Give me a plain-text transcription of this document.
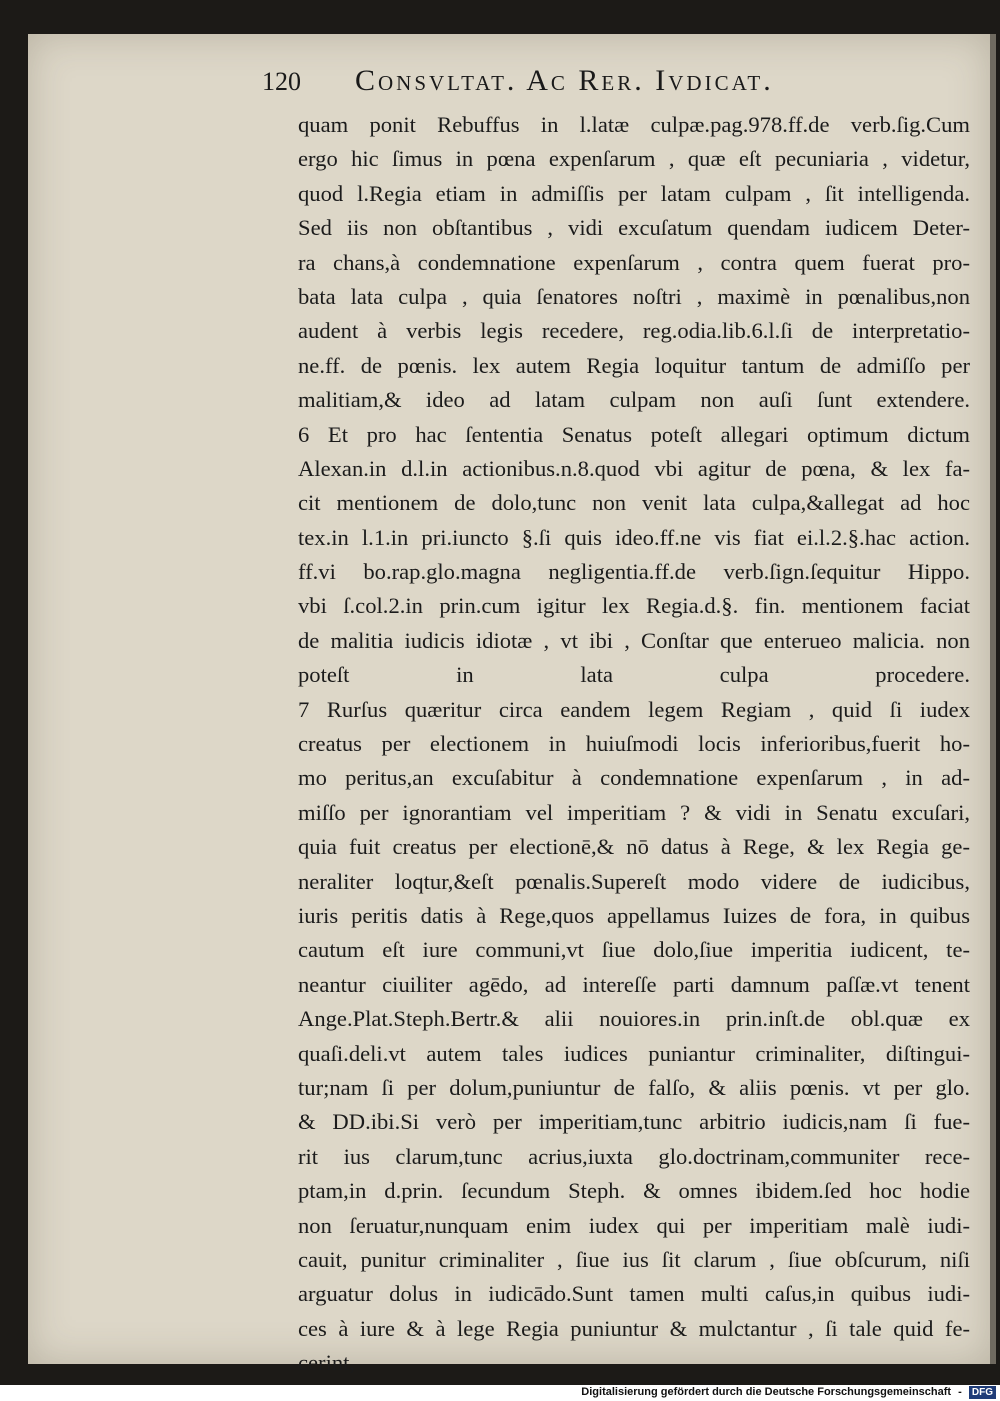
120 Consvltat. Ac Rer. Ivdicat.
quam ponit Rebuffus in l.latæ culpæ.pag.978.ff.de verb.ſig.Cum
ergo hic ſimus in pœna expenſarum , quæ eſt pecuniaria , videtur,
quod l.Regia etiam in admiſſis per latam culpam , ſit intelligenda.
Sed iis non obſtantibus , vidi excuſatum quendam iudicem Deter-
ra chans,à condemnatione expenſarum , contra quem fuerat pro-
bata lata culpa , quia ſenatores noſtri , maximè in pœnalibus,non
audent à verbis legis recedere, reg.odia.lib.6.l.ſi de interpretatio-
ne.ff. de pœnis. lex autem Regia loquitur tantum de admiſſo per
malitiam,& ideo ad latam culpam non auſi ſunt extendere.
6 Et pro hac ſententia Senatus poteſt allegari optimum dictum
Alexan.in d.l.in actionibus.n.8.quod vbi agitur de pœna, & lex fa-
cit mentionem de dolo,tunc non venit lata culpa,&allegat ad hoc
tex.in l.1.in pri.iuncto §.ſi quis ideo.ff.ne vis fiat ei.l.2.§.hac action.
ff.vi bo.rap.glo.magna negligentia.ff.de verb.ſign.ſequitur Hippo.
vbi ſ.col.2.in prin.cum igitur lex Regia.d.§. fin. mentionem faciat
de malitia iudicis idiotæ , vt ibi , Conſtar que enterueo malicia. non
poteſt in lata culpa procedere.
7 Rurſus quæritur circa eandem legem Regiam , quid ſi iudex
creatus per electionem in huiuſmodi locis inferioribus,fuerit ho-
mo peritus,an excuſabitur à condemnatione expenſarum , in ad-
miſſo per ignorantiam vel imperitiam ? & vidi in Senatu excuſari,
quia fuit creatus per electionē,& nō datus à Rege, & lex Regia ge-
neraliter loqtur,&eſt pœnalis.Supereſt modo videre de iudicibus,
iuris peritis datis à Rege,quos appellamus Iuizes de fora, in quibus
cautum eſt iure communi,vt ſiue dolo,ſiue imperitia iudicent, te-
neantur ciuiliter agēdo, ad intereſſe parti damnum paſſæ.vt tenent
Ange.Plat.Steph.Bertr.& alii nouiores.in prin.inſt.de obl.quæ ex
quaſi.deli.vt autem tales iudices puniantur criminaliter, diſtingui-
tur;nam ſi per dolum,puniuntur de falſo, & aliis pœnis. vt per glo.
& DD.ibi.Si verò per imperitiam,tunc arbitrio iudicis,nam ſi fue-
rit ius clarum,tunc acrius,iuxta glo.doctrinam,communiter rece-
ptam,in d.prin. ſecundum Steph. & omnes ibidem.ſed hoc hodie
non ſeruatur,nunquam enim iudex qui per imperitiam malè iudi-
cauit, punitur criminaliter , ſiue ius ſit clarum , ſiue obſcurum, niſi
arguatur dolus in iudicādo.Sunt tamen multi caſus,in quibus iudi-
ces à iure & à lege Regia puniuntur & mulctantur , ſi tale quid fe-
cerint,
Digitalisierung gefördert durch die Deutsche Forschungsgemeinschaft - DFG
